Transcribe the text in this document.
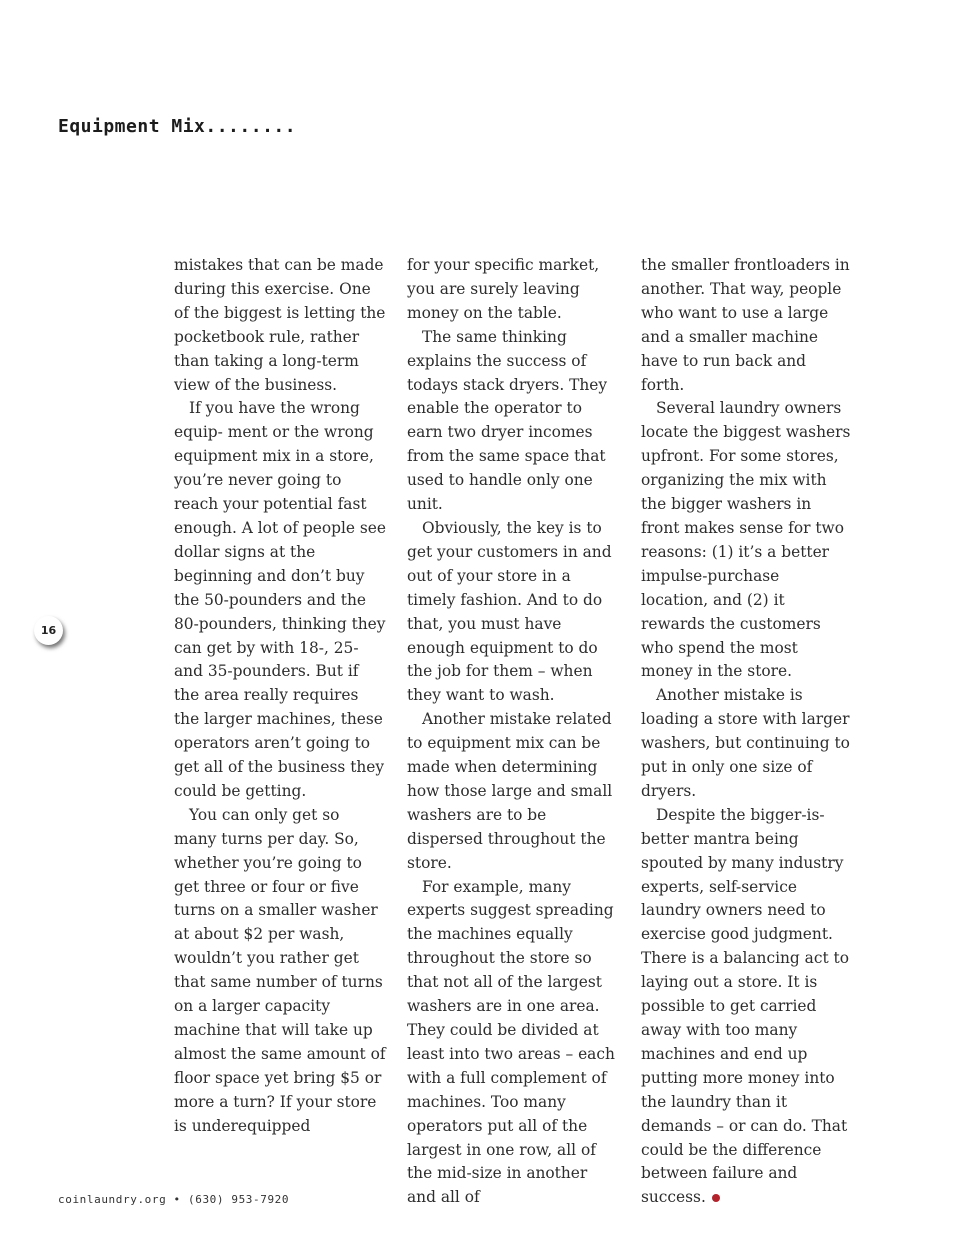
Equipment Mix........
16

mistakes that can be made during this exercise. One of the biggest is letting the pocketbook rule, rather than taking a long-term view of the business.

If you have the wrong equip- ment or the wrong equipment mix in a store, you’re never going to reach your potential fast enough. A lot of people see dollar signs at the beginning and don’t buy the 50-pounders and the 80-pounders, thinking they can get by with 18-, 25- and 35-pounders. But if the area really requires the larger machines, these operators aren’t going to get all of the business they could be getting.

You can only get so many turns per day. So, whether you’re going to get three or four or five turns on a smaller washer at about $2 per wash, wouldn’t you rather get that same number of turns on a larger capacity machine that will take up almost the same amount of floor space yet bring $5 or more a turn? If your store is underequipped

for your specific market, you are surely leaving money on the table.

The same thinking explains the success of todays stack dryers. They enable the operator to earn two dryer incomes from the same space that used to handle only one unit.

Obviously, the key is to get your customers in and out of your store in a timely fashion. And to do that, you must have enough equipment to do the job for them – when they want to wash.

Another mistake related to equipment mix can be made when determining how those large and small washers are to be dispersed throughout the store.

For example, many experts suggest spreading the machines equally throughout the store so that not all of the largest washers are in one area. They could be divided at least into two areas – each with a full complement of machines. Too many operators put all of the largest in one row, all of the mid-size in another and all of

the smaller frontloaders in another. That way, people who want to use a large and a smaller machine have to run back and forth.

Several laundry owners locate the biggest washers upfront. For some stores, organizing the mix with the bigger washers in front makes sense for two reasons: (1) it’s a better impulse-purchase location, and (2) it rewards the customers who spend the most money in the store.

Another mistake is loading a store with larger washers, but continuing to put in only one size of dryers.

Despite the bigger-is-better mantra being spouted by many industry experts, self-service laundry owners need to exercise good judgment. There is a balancing act to laying out a store. It is possible to get carried away with too many machines and end up putting more money into the laundry than it demands – or can do. That could be the difference between failure and success.

coinlaundry.org • (630) 953-7920
